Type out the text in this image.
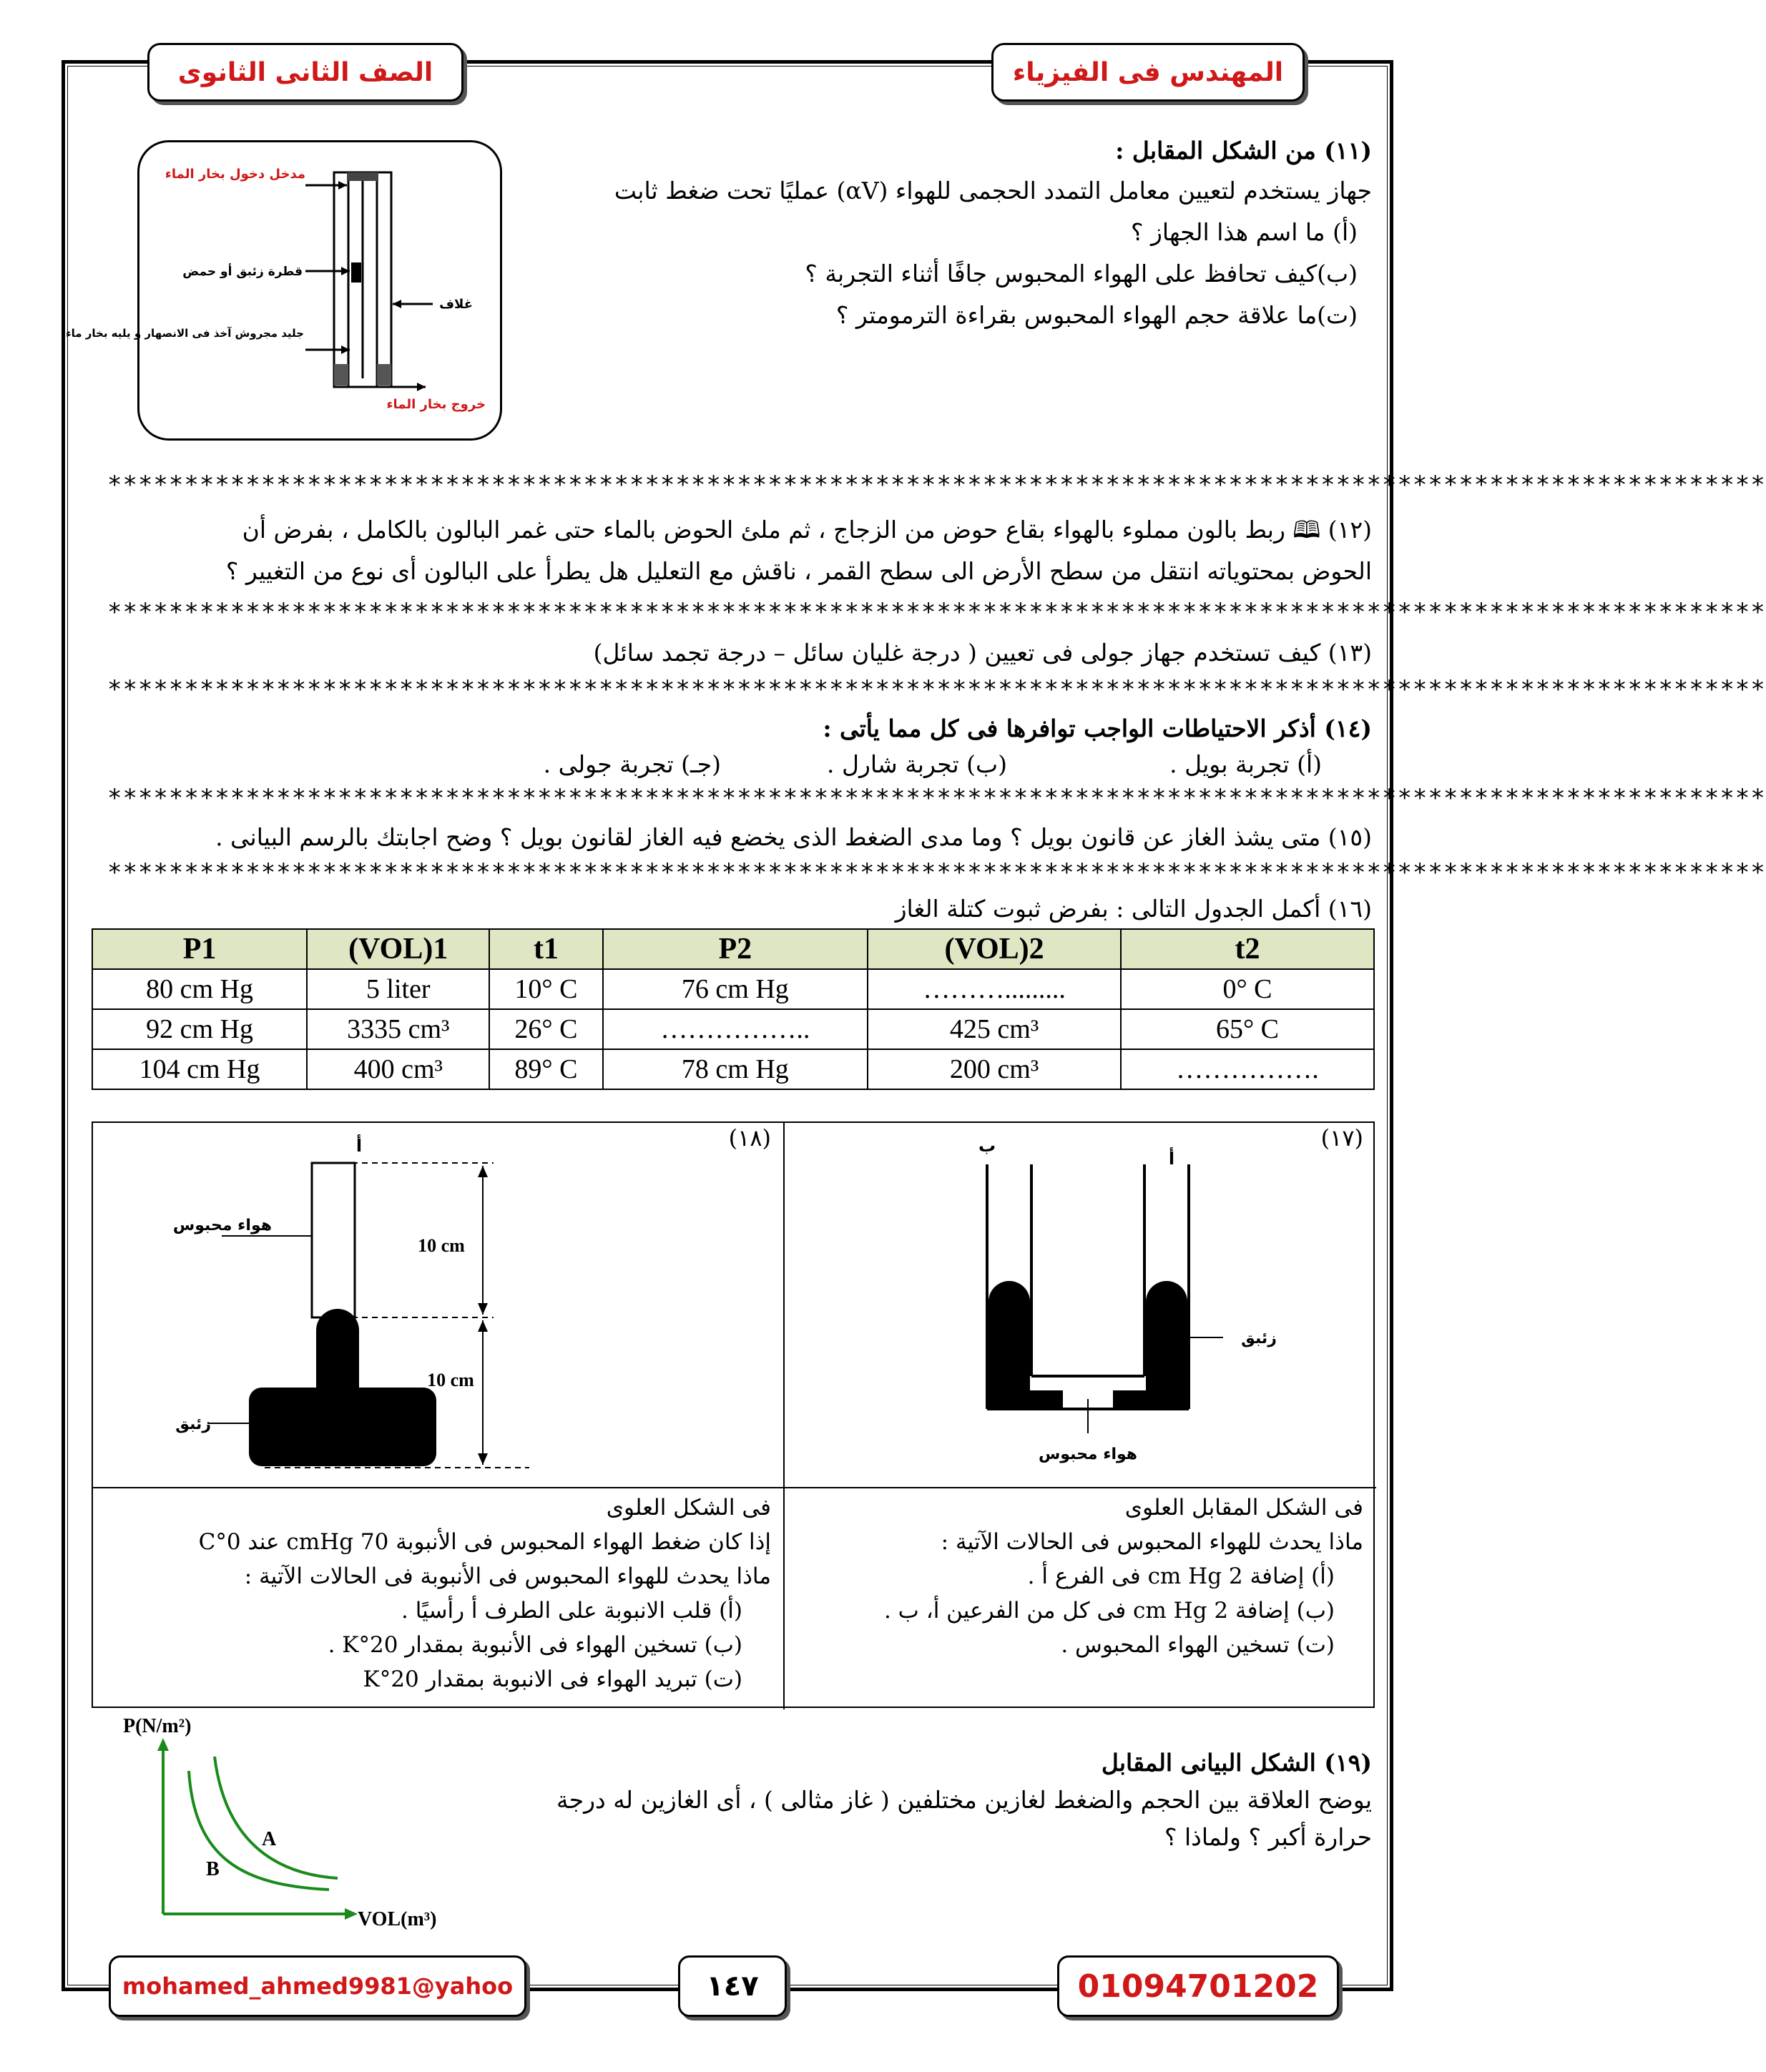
الصف الثانى الثانوى	المهندس فى الفيزياء
مدخل دخول بخار الماء
قطرة زئبق أو حمض
غلاف
جليد مجروش آخذ فى الانصهار و يليه بخار ماء
خروج بخار الماء
(١١) من الشكل المقابل :
جهاز يستخدم لتعيين معامل التمدد الحجمى للهواء (αV) عمليًا تحت ضغط ثابت
(أ) ما اسم هذا الجهاز ؟
(ب)كيف تحافظ على الهواء المحبوس جافًا أثناء التجربة ؟
(ت)ما علاقة حجم الهواء المحبوس بقراءة الترمومتر ؟
************************************************************************************************************
(١٢) 🕮 ربط بالون مملوء بالهواء بقاع حوض من الزجاج ، ثم ملئ الحوض بالماء حتى غمر البالون بالكامل ، بفرض أن
الحوض بمحتوياته انتقل من سطح الأرض الى سطح القمر ، ناقش مع التعليل هل يطرأ على البالون أى نوع من التغيير ؟
************************************************************************************************************
(١٣) كيف تستخدم جهاز جولى فى تعيين ( درجة غليان سائل – درجة تجمد سائل)
************************************************************************************************************
(١٤) أذكر الاحتياطات الواجب توافرها فى كل مما يأتى :
(أ) تجربة بويل .
(ب) تجربة شارل .
(جـ) تجربة جولى .
************************************************************************************************************
(١٥) متى يشذ الغاز عن قانون بويل ؟ وما مدى الضغط الذى يخضع فيه الغاز لقانون بويل ؟ وضح اجابتك بالرسم البيانى .
************************************************************************************************************
(١٦) أكمل الجدول التالى : بفرض ثبوت كتلة الغاز
P1	(VOL)1	t1	P2	(VOL)2	t2
80 cm Hg	5 liter	10° C	76 cm Hg	……….........	0° C
92 cm Hg	3335 cm³	26° C	……………..	425 cm³	65° C
104 cm Hg	400 cm³	89° C	78 cm Hg	200 cm³	…………….
ب
أ
زئبق
هواء محبوس
أ
هواء محبوس
زئبق
10 cm
10 cm
(١٧)
(١٨)
فى الشكل المقابل العلوى
ماذا يحدث للهواء المحبوس فى الحالات الآتية :
(أ) إضافة 2 cm Hg فى الفرع أ .
(ب) إضافة 2 cm Hg فى كل من الفرعين أ، ب .
(ت) تسخين الهواء المحبوس .
فى الشكل العلوى
إذا كان ضغط الهواء المحبوس فى الأنبوبة 70 cmHg عند 0°C
ماذا يحدث للهواء المحبوس فى الأنبوبة فى الحالات الآتية :
(أ) قلب الانبوبة على الطرف أ رأسيًا .
(ب) تسخين الهواء فى الأنبوبة بمقدار 20°K .
(ت) تبريد الهواء فى الانبوبة بمقدار 20°K
(١٩) الشكل البيانى المقابل
يوضح العلاقة بين الحجم والضغط لغازين مختلفين ( غاز مثالى ) ، أى الغازين له درجة
حرارة أكبر ؟ ولماذا ؟
P(N/m²)
VOL(m³)
A
B
mohamed_ahmed9981@yahoo	١٤٧	01094701202
